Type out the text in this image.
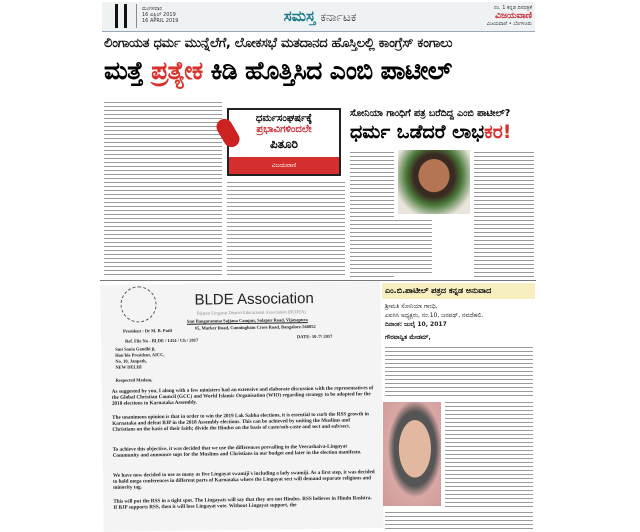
ಮಂಗಳವಾರ
16 ಏಪ್ರಿಲ್ 2019
16 APRIL 2019	ಸಮಸ್ತ ಕರ್ನಾಟಕ
ನಂ. 1 ಕನ್ನಡ ದಿನಪತ್ರಿಕೆ
ವಿಜಯವಾಣಿ
ವಿಜಯವಾಣಿ • ಬೆಂಗಳೂರು
ಲಿಂಗಾಯತ ಧರ್ಮ ಮುನ್ನೆಲೆಗೆ, ಲೋಕಸಭೆ ಮತದಾನದ ಹೊಸ್ತಿಲಲ್ಲಿ ಕಾಂಗ್ರೆಸ್ ಕಂಗಾಲು
ಮತ್ತೆ ಪ್ರತ್ಯೇಕ ಕಿಡಿ ಹೊತ್ತಿಸಿದ ಎಂಬಿ ಪಾಟೀಲ್
ಧರ್ಮಸಂಘರ್ಷಕ್ಕೆ
ಪ್ರಭಾವಿಗಳಿಂದಲೇ
ಪಿತೂರಿ
ವಿಜಯವಾಣಿ
ಸೋನಿಯಾ ಗಾಂಧಿಗೆ ಪತ್ರ ಬರೆದಿದ್ದ ಎಂಬಿ ಪಾಟೀಲ್?
ಧರ್ಮ ಒಡೆದರೆ ಲಾಭಕರ!
BLDE Association
Bijapur Lingayat District Educational Association (BLDEA)
Smt Bangaramma Sajjana Campus, Solapur Road, Vijayapura
President : Dr M. B. Patil
#5, Marker Road, Cunningham Cross Road, Bangalore-560052
Ref. File No - BLDE / 1414 / Ch / 2017
DATE: 10 /7/ 2017
Smt Sonia Gandhi ji,
Hon'ble President, AICC,
No. 10, Janpath,
NEW DELHI
Respected Madam,
As suggested by you, I along with a few ministers had an extensive and elaborate discussion with the representatives of the Global Christian Council (GCC) and World Islamic Organisation (WIO) regarding strategy to be adopted for the 2018 elections to Karnataka Assembly.
The unanimous opinion is that in order to win the 2019 Lok Sabha elections, it is essential to curb the RSS growth in Karnataka and defeat BJP in the 2018 Assembly elections. This can be achieved by uniting the Muslims and Christians on the basis of their faith; divide the Hindus on the basis of caste/sub-caste and sect and sub/sect.
To achieve this objective, it was decided that we use the differences prevailing in the Veerashaiva-Lingayat Community and announce sops for the Muslims and Christians in our budget and later in the election manifesto.
We have now decided to use as many as five Lingayat swamiji's including a lady swamiji. As a first step, it was decided to hold mega conferences in different parts of Karnataka where the Lingayat sect will demand separate religious and minority tag.
This will put the RSS in a tight spot. The Lingayats will say that they are not Hindus. RSS believes in Hindu Rashtra. If BJP supports RSS, then it will lose Lingayat vote. Without Lingayat support, the
ಎಂ.ಬಿ.ಪಾಟೀಲ್ ಪತ್ರದ ಕನ್ನಡ ಅನುವಾದ
ಶ್ರೀಮತಿ ಸೋನಿಯಾ ಗಾಂಧಿ,
ಎಐಸಿಸಿ ಅಧ್ಯಕ್ಷರು, ನಂ.10, ಜನಪಥ್, ನವದೆಹಲಿ.
ದಿನಾಂಕ: ಜುಲೈ 10, 2017
ಗೌರವಾನ್ವಿತ ಮೇಡಮ್,
